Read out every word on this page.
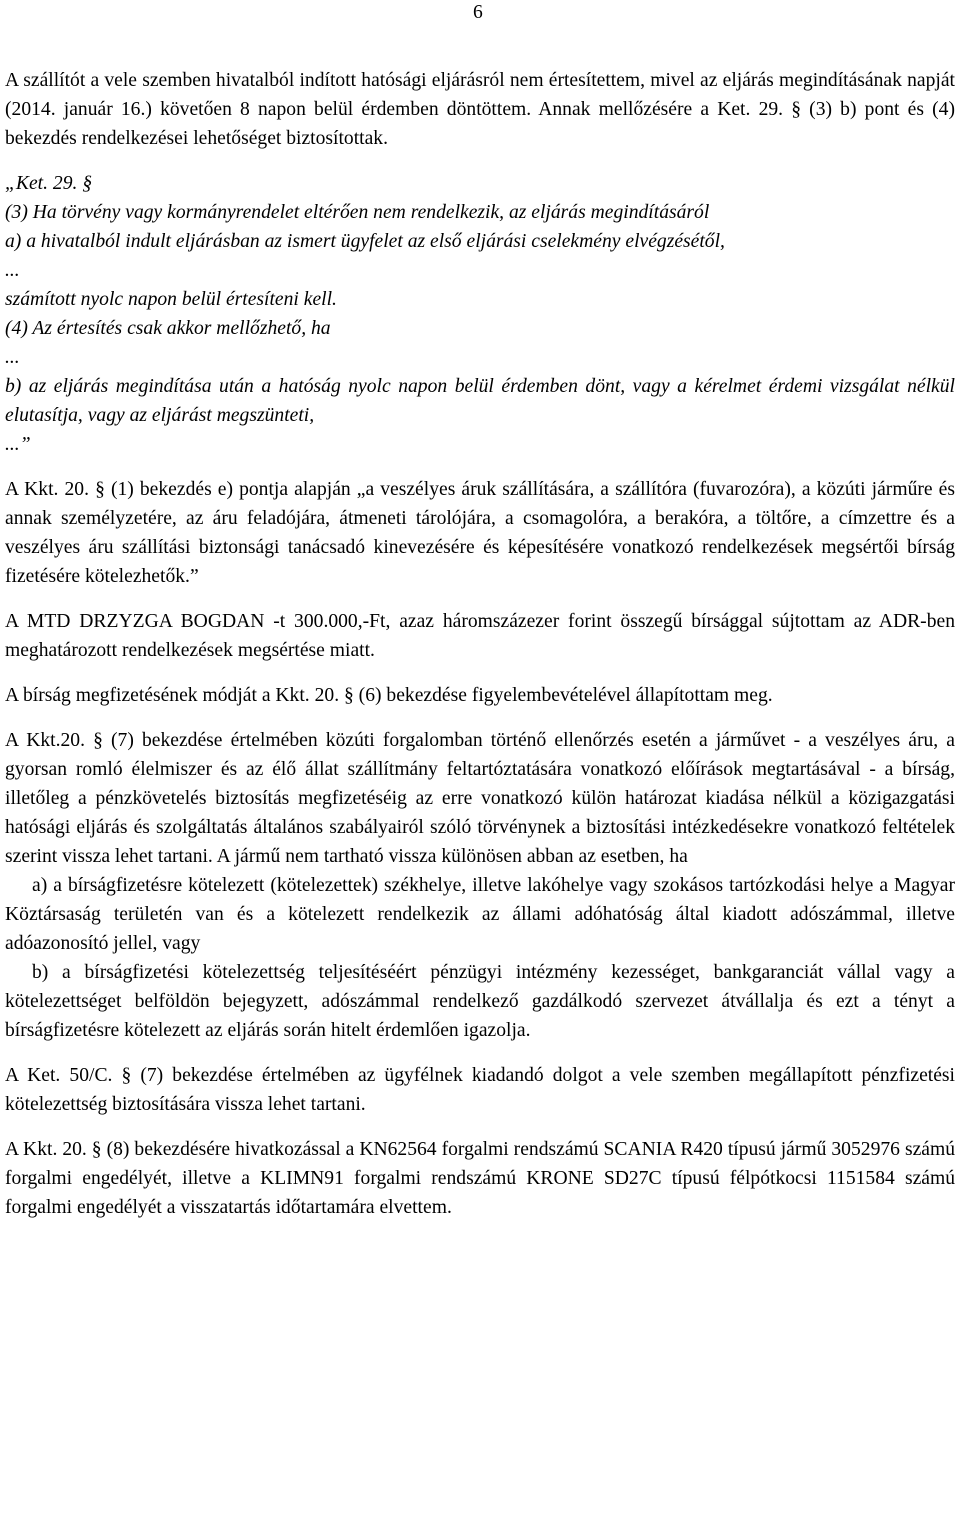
6

A szállítót a vele szemben hivatalból indított hatósági eljárásról nem értesítettem, mivel az eljárás megindításának napját (2014. január 16.) követően 8 napon belül érdemben döntöttem. Annak mellőzésére a Ket. 29. § (3) b) pont és (4) bekezdés rendelkezései lehetőséget biztosítottak.

„Ket. 29. §
(3) Ha törvény vagy kormányrendelet eltérően nem rendelkezik, az eljárás megindításáról
a) a hivatalból indult eljárásban az ismert ügyfelet az első eljárási cselekmény elvégzésétől,
...
számított nyolc napon belül értesíteni kell.
(4) Az értesítés csak akkor mellőzhető, ha
...
b) az eljárás megindítása után a hatóság nyolc napon belül érdemben dönt, vagy a kérelmet érdemi vizsgálat nélkül elutasítja, vagy az eljárást megszünteti,
...”

A Kkt. 20. § (1) bekezdés e) pontja alapján „a veszélyes áruk szállítására, a szállítóra (fuvarozóra), a közúti járműre és annak személyzetére, az áru feladójára, átmeneti tárolójára, a csomagolóra, a berakóra, a töltőre, a címzettre és a veszélyes áru szállítási biztonsági tanácsadó kinevezésére és képesítésére vonatkozó rendelkezések megsértői bírság fizetésére kötelezhetők.”

A MTD DRZYZGA BOGDAN -t 300.000,-Ft, azaz háromszázezer forint összegű bírsággal sújtottam az ADR-ben meghatározott rendelkezések megsértése miatt.

A bírság megfizetésének módját a Kkt. 20. § (6) bekezdése figyelembevételével állapítottam meg.

A Kkt.20. § (7) bekezdése értelmében közúti forgalomban történő ellenőrzés esetén a járművet - a veszélyes áru, a gyorsan romló élelmiszer és az élő állat szállítmány feltartóztatására vonatkozó előírások megtartásával - a bírság, illetőleg a pénzkövetelés biztosítás megfizetéséig az erre vonatkozó külön határozat kiadása nélkül a közigazgatási hatósági eljárás és szolgáltatás általános szabályairól szóló törvénynek a biztosítási intézkedésekre vonatkozó feltételek szerint vissza lehet tartani. A jármű nem tartható vissza különösen abban az esetben, ha

a) a bírságfizetésre kötelezett (kötelezettek) székhelye, illetve lakóhelye vagy szokásos tartózkodási helye a Magyar Köztársaság területén van és a kötelezett rendelkezik az állami adóhatóság által kiadott adószámmal, illetve adóazonosító jellel, vagy

b) a bírságfizetési kötelezettség teljesítéséért pénzügyi intézmény kezességet, bankgaranciát vállal vagy a kötelezettséget belföldön bejegyzett, adószámmal rendelkező gazdálkodó szervezet átvállalja és ezt a tényt a bírságfizetésre kötelezett az eljárás során hitelt érdemlően igazolja.

A Ket. 50/C. § (7) bekezdése értelmében az ügyfélnek kiadandó dolgot a vele szemben megállapított pénzfizetési kötelezettség biztosítására vissza lehet tartani.

A Kkt. 20. § (8) bekezdésére hivatkozással a KN62564 forgalmi rendszámú SCANIA R420 típusú jármű 3052976 számú forgalmi engedélyét, illetve a KLIMN91 forgalmi rendszámú KRONE SD27C típusú félpótkocsi 1151584 számú forgalmi engedélyét a visszatartás időtartamára elvettem.
